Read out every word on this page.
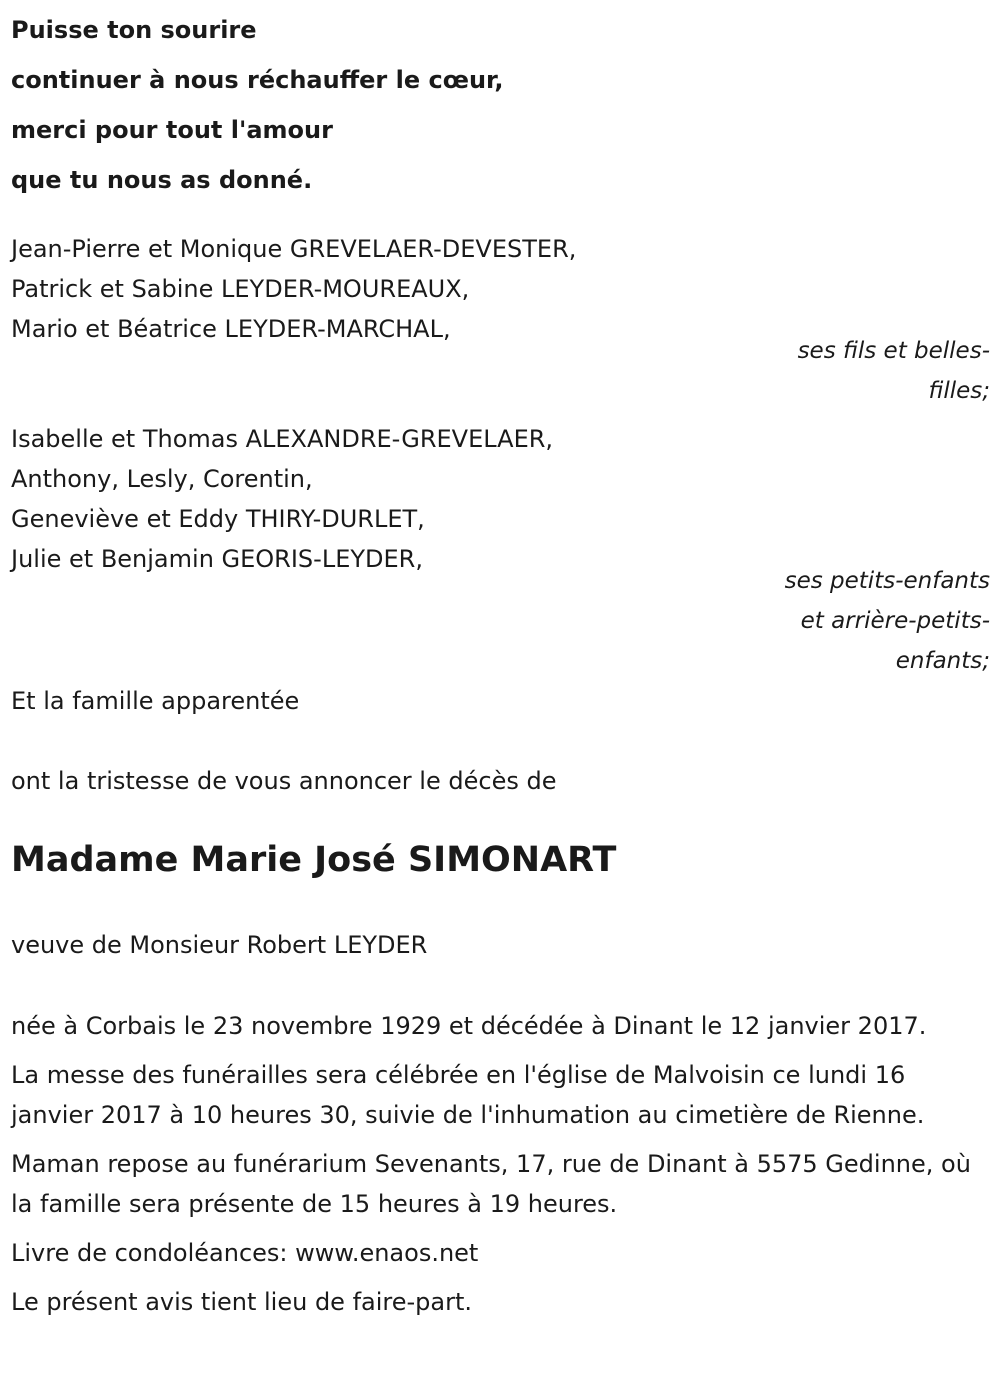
Puisse ton sourire
continuer à nous réchauffer le cœur,
merci pour tout l'amour
que tu nous as donné.
Jean-Pierre et Monique GREVELAER-DEVESTER,
Patrick et Sabine LEYDER-MOUREAUX,
Mario et Béatrice LEYDER-MARCHAL,
ses fils et belles-
filles;
Isabelle et Thomas ALEXANDRE-GREVELAER,
Anthony, Lesly, Corentin,
Geneviève et Eddy THIRY-DURLET,
Julie et Benjamin GEORIS-LEYDER,
ses petits-enfants
et arrière-petits-
enfants;
Et la famille apparentée
ont la tristesse de vous annoncer le décès de
Madame Marie José SIMONART
veuve de Monsieur Robert LEYDER
née à Corbais le 23 novembre 1929 et décédée à Dinant le 12 janvier 2017.
La messe des funérailles sera célébrée en l'église de Malvoisin ce lundi 16 janvier 2017 à 10 heures 30, suivie de l'inhumation au cimetière de Rienne.
Maman repose au funérarium Sevenants, 17, rue de Dinant à 5575 Gedinne, où la famille sera présente de 15 heures à 19 heures.
Livre de condoléances: www.enaos.net
Le présent avis tient lieu de faire-part.
